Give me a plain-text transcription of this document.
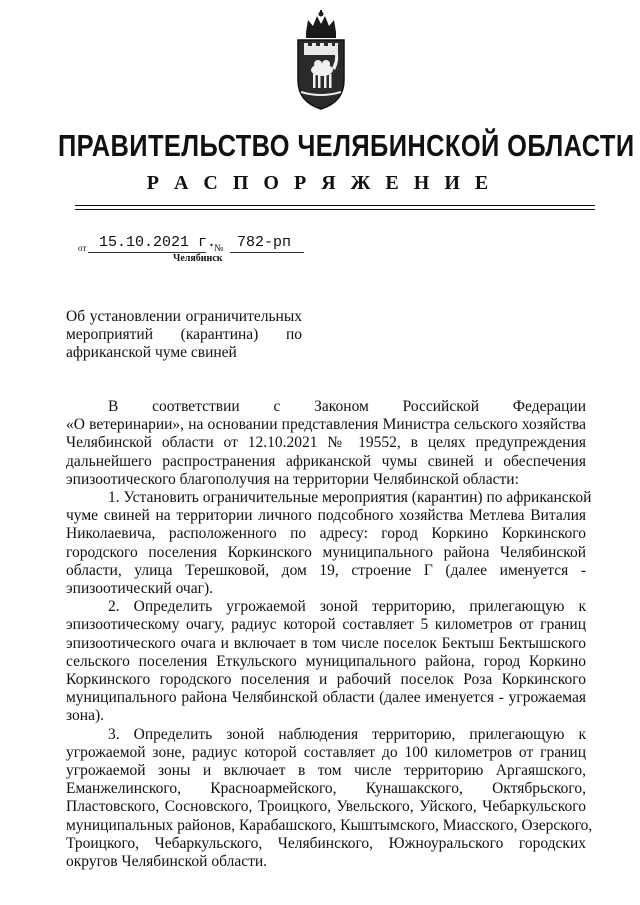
ПРАВИТЕЛЬСТВО ЧЕЛЯБИНСКОЙ ОБЛАСТИ
Р А С П О Р Я Ж Е Н И Е
от 15.10.2021 г.
№ 782-рп
Челябинск
Об установлении ограничительных
мероприятий (карантина) по
африканской чуме свиней
В соответствии с Законом Российской Федерации
«О ветеринарии», на основании представления Министра сельского хозяйства
Челябинской области от 12.10.2021 № 19552, в целях предупреждения
дальнейшего распространения африканской чумы свиней и обеспечения
эпизоотического благополучия на территории Челябинской области:
1. Установить ограничительные мероприятия (карантин) по африканской
чуме свиней на территории личного подсобного хозяйства Метлева Виталия
Николаевича, расположенного по адресу: город Коркино Коркинского
городского поселения Коркинского муниципального района Челябинской
области, улица Терешковой, дом 19, строение Г (далее именуется -
эпизоотический очаг).
2. Определить угрожаемой зоной территорию, прилегающую к
эпизоотическому очагу, радиус которой составляет 5 километров от границ
эпизоотического очага и включает в том числе поселок Бектыш Бектышского
сельского поселения Еткульского муниципального района, город Коркино
Коркинского городского поселения и рабочий поселок Роза Коркинского
муниципального района Челябинской области (далее именуется - угрожаемая
зона).
3. Определить зоной наблюдения территорию, прилегающую к
угрожаемой зоне, радиус которой составляет до 100 километров от границ
угрожаемой зоны и включает в том числе территорию Аргаяшского,
Еманжелинского, Красноармейского, Кунашакского, Октябрьского,
Пластовского, Сосновского, Троицкого, Увельского, Уйского, Чебаркульского
муниципальных районов, Карабашского, Кыштымского, Миасского, Озерского,
Троицкого, Чебаркульского, Челябинского, Южноуральского городских
округов Челябинской области.
